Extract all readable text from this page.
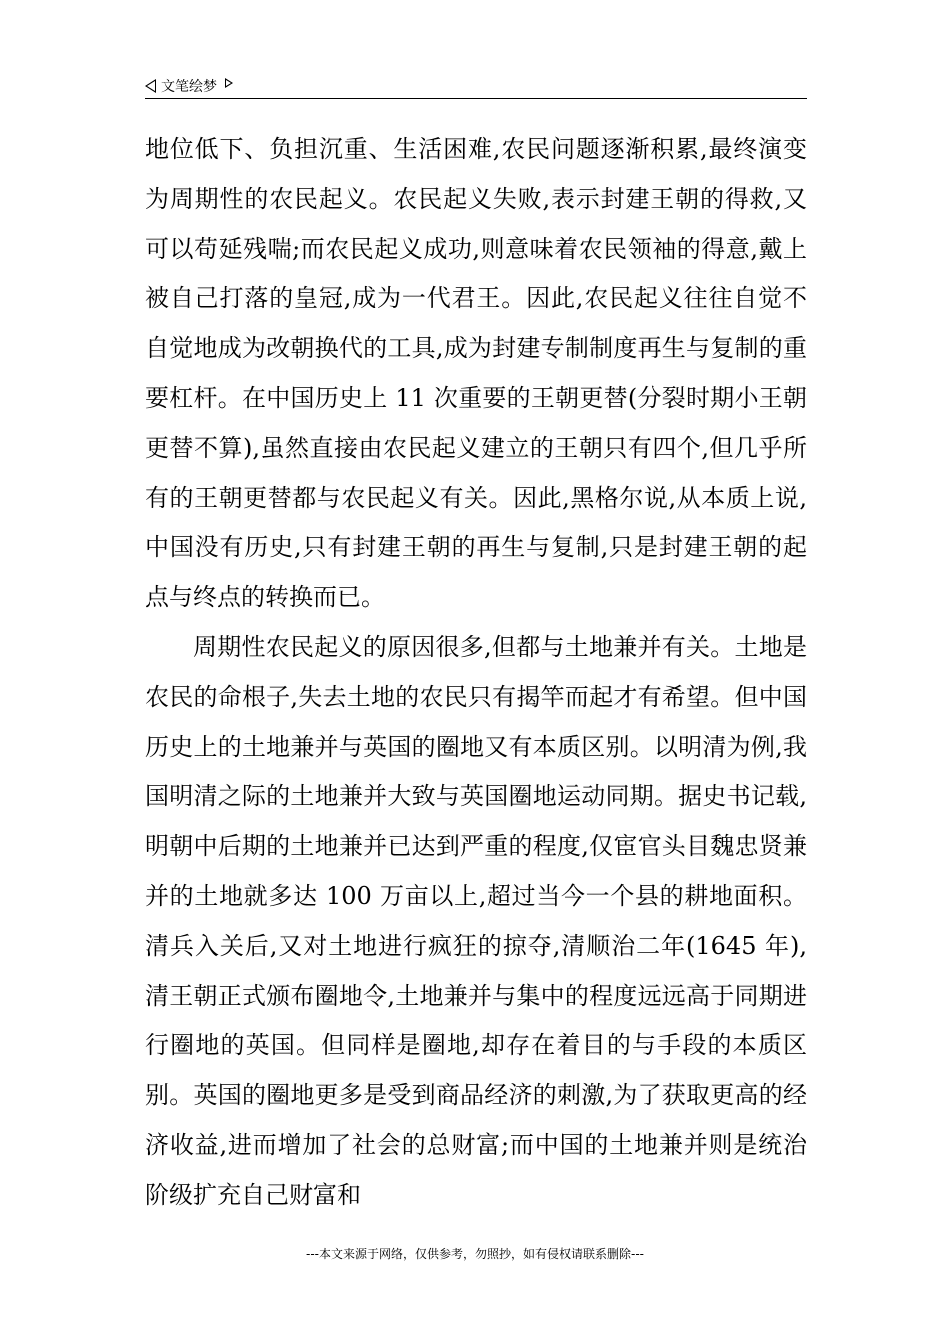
文笔绘梦

地位低下、负担沉重、生活困难,农民问题逐渐积累,最终演变为周期性的农民起义。农民起义失败,表示封建王朝的得救,又可以苟延残喘;而农民起义成功,则意味着农民领袖的得意,戴上被自己打落的皇冠,成为一代君王。因此,农民起义往往自觉不自觉地成为改朝换代的工具,成为封建专制制度再生与复制的重要杠杆。在中国历史上 11 次重要的王朝更替(分裂时期小王朝更替不算),虽然直接由农民起义建立的王朝只有四个,但几乎所有的王朝更替都与农民起义有关。因此,黑格尔说,从本质上说,中国没有历史,只有封建王朝的再生与复制,只是封建王朝的起点与终点的转换而已。

周期性农民起义的原因很多,但都与土地兼并有关。土地是农民的命根子,失去土地的农民只有揭竿而起才有希望。但中国历史上的土地兼并与英国的圈地又有本质区别。以明清为例,我国明清之际的土地兼并大致与英国圈地运动同期。据史书记载,明朝中后期的土地兼并已达到严重的程度,仅宦官头目魏忠贤兼并的土地就多达 100 万亩以上,超过当今一个县的耕地面积。清兵入关后,又对土地进行疯狂的掠夺,清顺治二年(1645 年),清王朝正式颁布圈地令,土地兼并与集中的程度远远高于同期进行圈地的英国。但同样是圈地,却存在着目的与手段的本质区别。英国的圈地更多是受到商品经济的刺激,为了获取更高的经济收益,进而增加了社会的总财富;而中国的土地兼并则是统治阶级扩充自己财富和

---本文来源于网络，仅供参考，勿照抄，如有侵权请联系删除---
